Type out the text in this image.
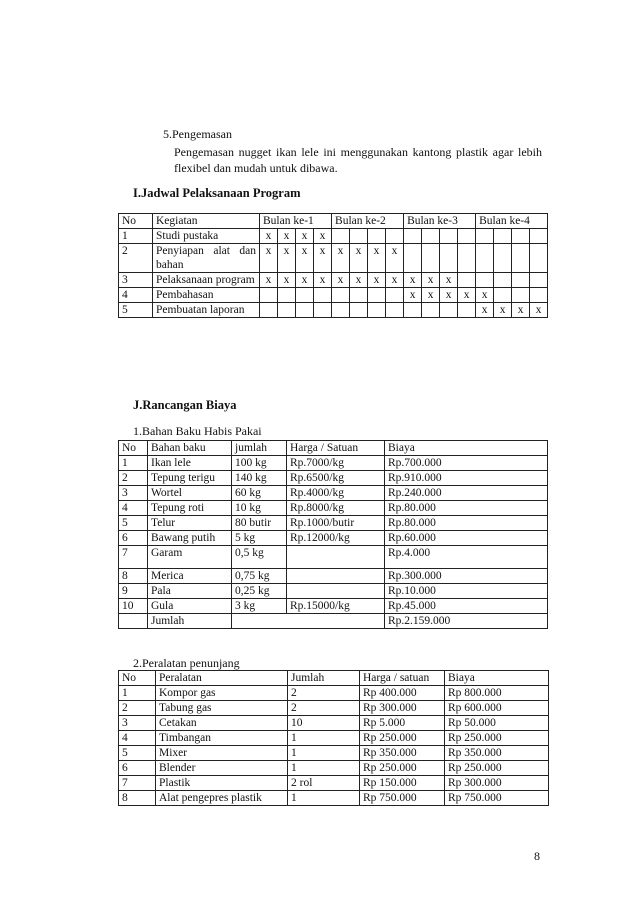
5.Pengemasan
Pengemasan nugget ikan lele ini menggunakan kantong plastik agar lebih flexibel dan mudah untuk dibawa.
I.Jadwal Pelaksanaan Program
No	Kegiatan	Bulan ke-1				Bulan ke-2				Bulan ke-3				Bulan ke-4			
1	Studi pustaka	x	x	x	x												
2	Penyiapan alat dan bahan	x	x	x	x	x	x	x	x								
3	Pelaksanaan program	x	x	x	x	x	x	x	x	x	x	x					
4	Pembahasan									x	x	x	x	x			
5	Pembuatan laporan													x	x	x	x
J.Rancangan Biaya
1.Bahan Baku Habis Pakai
No	Bahan baku	jumlah	Harga / Satuan	Biaya
1	Ikan lele	100 kg	Rp.7000/kg	Rp.700.000
2	Tepung terigu	140 kg	Rp.6500/kg	Rp.910.000
3	Wortel	60 kg	Rp.4000/kg	Rp.240.000
4	Tepung roti	10 kg	Rp.8000/kg	Rp.80.000
5	Telur	80 butir	Rp.1000/butir	Rp.80.000
6	Bawang putih	5 kg	Rp.12000/kg	Rp.60.000
7	Garam	0,5 kg		Rp.4.000
8	Merica	0,75 kg		Rp.300.000
9	Pala	0,25 kg		Rp.10.000
10	Gula	3 kg	Rp.15000/kg	Rp.45.000
	Jumlah			Rp.2.159.000
2.Peralatan penunjang
No	Peralatan	Jumlah	Harga / satuan	Biaya
1	Kompor gas	2	Rp 400.000	Rp 800.000
2	Tabung gas	2	Rp 300.000	Rp 600.000
3	Cetakan	10	Rp 5.000	Rp 50.000
4	Timbangan	1	Rp 250.000	Rp 250.000
5	Mixer	1	Rp 350.000	Rp 350.000
6	Blender	1	Rp 250.000	Rp 250.000
7	Plastik	2 rol	Rp 150.000	Rp 300.000
8	Alat pengepres plastik	1	Rp 750.000	Rp 750.000
8
